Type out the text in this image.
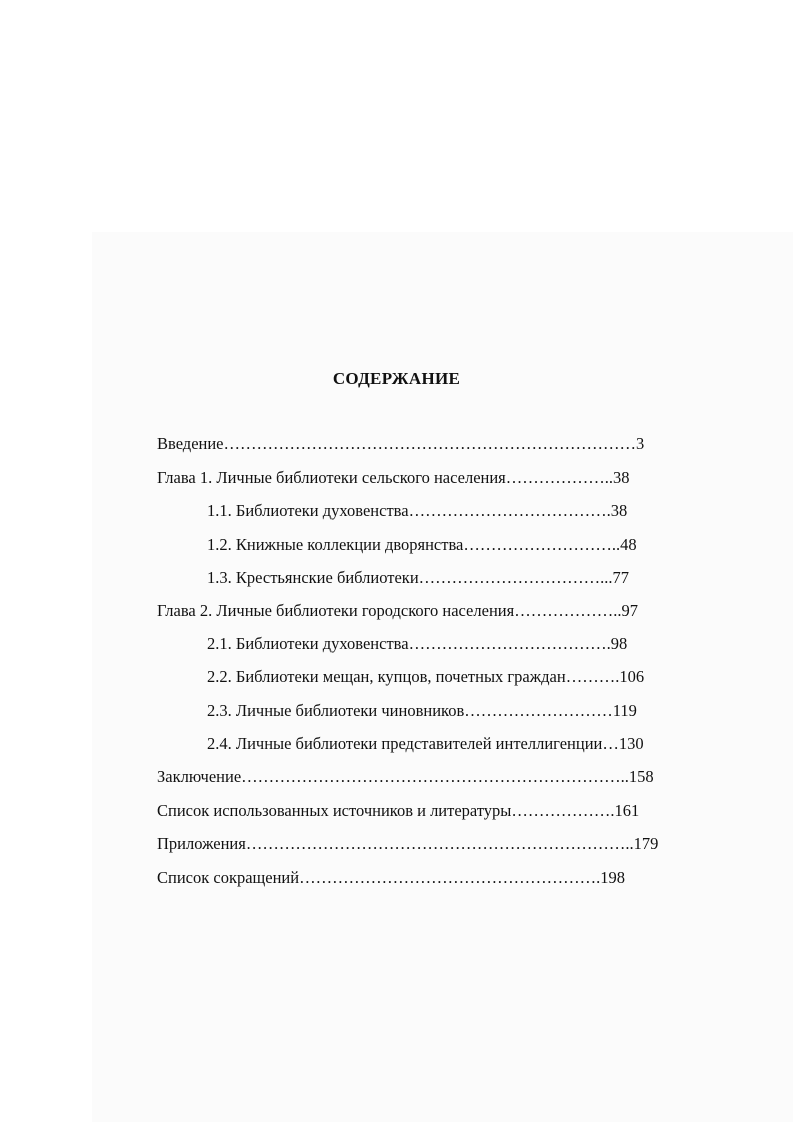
СОДЕРЖАНИЕ
Введение…………………………………………………………………3
Глава 1. Личные библиотеки сельского населения………………..38
1.1. Библиотеки духовенства……………………………….38
1.2. Книжные коллекции дворянства………………………..48
1.3. Крестьянские библиотеки……………………………...77
Глава 2. Личные библиотеки городского населения………………..97
2.1. Библиотеки духовенства……………………………….98
2.2. Библиотеки мещан, купцов, почетных граждан……….106
2.3. Личные библиотеки чиновников………………………119
2.4. Личные библиотеки представителей интеллигенции…130
Заключение……………………………………………………………..158
Список использованных источников и литературы……………….161
Приложения……………………………………………………………..179
Список сокращений……………………………………………….198
